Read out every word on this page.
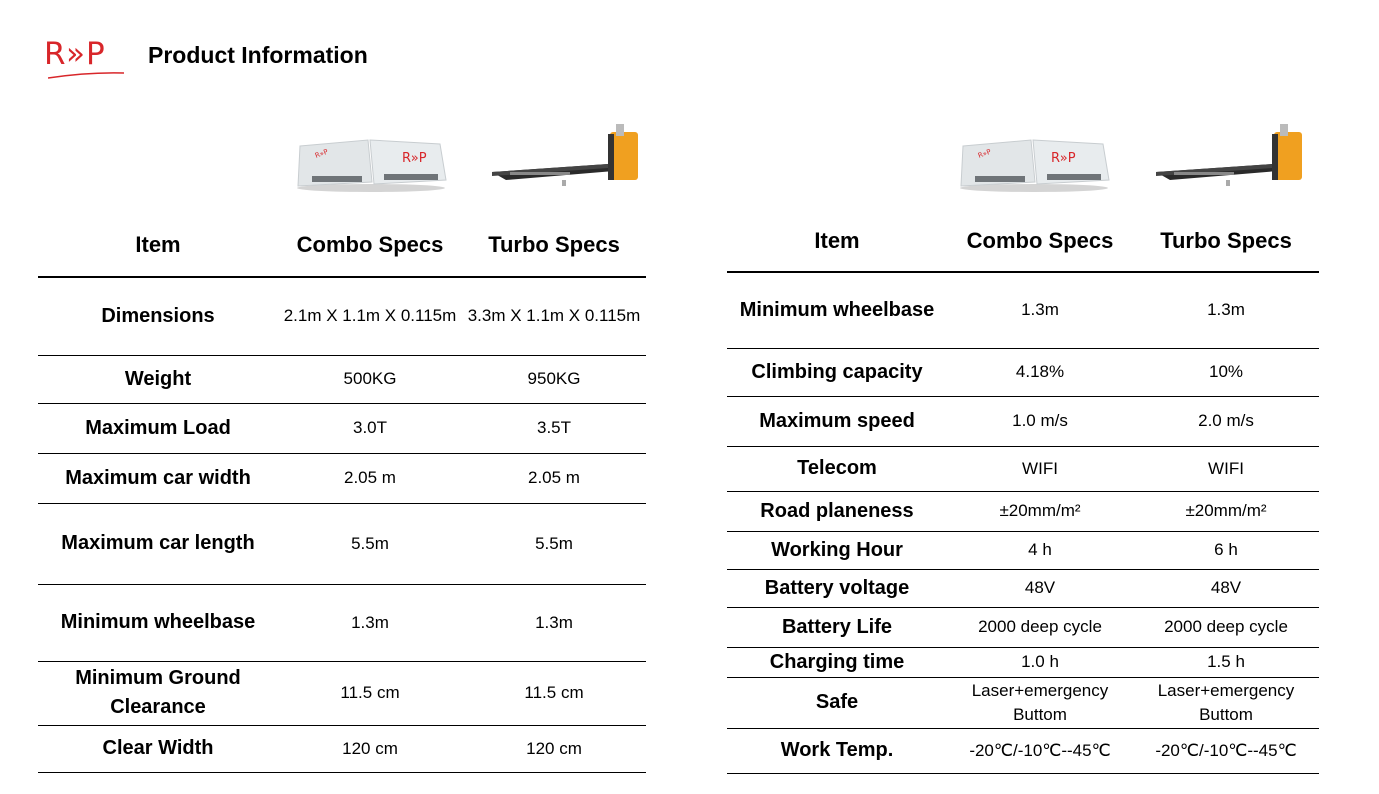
R»P Product Information
R»P
R»P	R»P
R»P
Item	Combo Specs	Turbo Specs
Dimensions	2.1m X 1.1m X 0.115m	3.3m X 1.1m X 0.115m
Weight	500KG	950KG
Maximum Load	3.0T	3.5T
Maximum car width	2.05 m	2.05 m
Maximum car length	5.5m	5.5m
Minimum wheelbase	1.3m	1.3m
Minimum Ground Clearance	11.5 cm	11.5 cm
Clear Width	120 cm	120 cm
Item	Combo Specs	Turbo Specs
Minimum wheelbase	1.3m	1.3m
Climbing capacity	4.18%	10%
Maximum speed	1.0 m/s	2.0 m/s
Telecom	WIFI	WIFI
Road planeness	±20mm/m²	±20mm/m²
Working Hour	4 h	6 h
Battery voltage	48V	48V
Battery Life	2000 deep cycle	2000 deep cycle
Charging time	1.0 h	1.5 h
Safe	Laser+emergency Buttom	Laser+emergency Buttom
Work Temp.	-20℃/-10℃--45℃	-20℃/-10℃--45℃
